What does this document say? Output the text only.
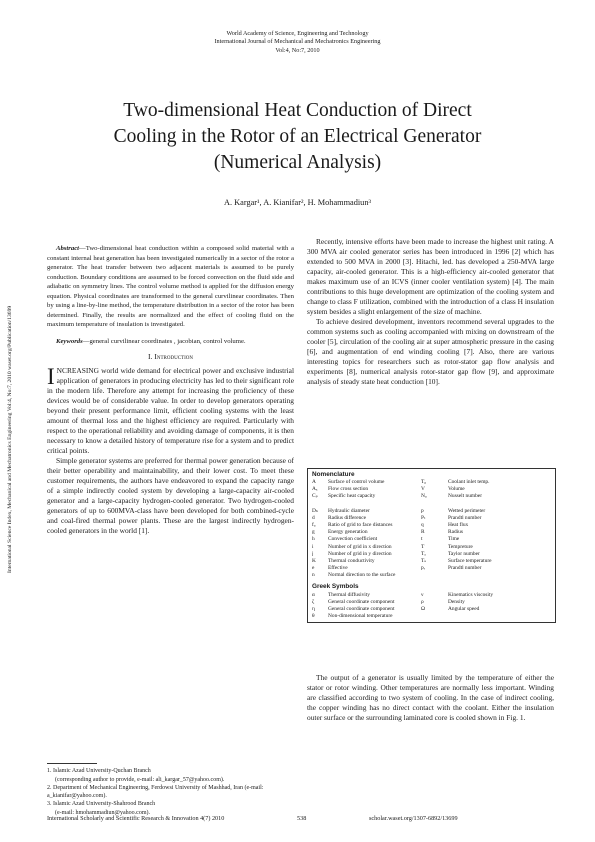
World Academy of Science, Engineering and Technology
International Journal of Mechanical and Mechatronics Engineering
Vol:4, No:7, 2010
Two-dimensional Heat Conduction of Direct
Cooling in the Rotor of an Electrical Generator
(Numerical Analysis)
A. Kargar¹, A. Kianifar², H. Mohammadiun³
International Science Index, Mechanical and Mechatronics Engineering Vol:4, No:7, 2010 waset.org/Publication/13699

Abstract—Two-dimensional heat conduction within a composed solid material with a constant internal heat generation has been investigated numerically in a sector of the rotor a generator. The heat transfer between two adjacent materials is assumed to be purely conduction. Boundary conditions are assumed to be forced convection on the fluid side and adiabatic on symmetry lines. The control volume method is applied for the diffusion energy equation. Physical coordinates are transformed to the general curvilinear coordinates. Then by using a line-by-line method, the temperature distribution in a sector of the rotor has been determined. Finally, the results are normalized and the effect of cooling fluid on the maximum temperature of insulation is investigated.

Keywords—general curvilinear coordinates , jacobian, control volume.

I. Introduction

INCREASING world wide demand for electrical power and exclusive industrial application of generators in producing electricity has led to their significant role in the modern life. Therefore any attempt for increasing the proficiency of these devices would be of considerable value. In order to develop generators operating beyond their present performance limit, efficient cooling systems with the least amount of thermal loss and the highest efficiency are required. Particularly with respect to the operational reliability and avoiding damage of components, it is then necessary to know a detailed history of temperature rise for a system and to predict critical points.

Simple generator systems are preferred for thermal power generation because of their better operability and maintainability, and their lower cost. To meet these customer requirements, the authors have endeavored to expand the capacity range of a simple indirectly cooled system by developing a large-capacity air-cooled generator and a large-capacity hydrogen-cooled generator. Two hydrogen-cooled generators of up to 600MVA-class have been developed for both combined-cycle and coal-fired thermal power plants. These are the largest indirectly hydrogen-cooled generators in the world [1].

1. Islamic Azad University-Quchan Branch
(corresponding author to provide, e-mail: ali_kargar_57@yahoo.com).
2. Department of Mechanical Engineering, Ferdowsi University of Mashhad, Iran (e-mail: a_kianifar@yahoo.com).
3. Islamic Azad University-Shahrood Branch
(e-mail: hmohammadiun@yahoo.com).

Recently, intensive efforts have been made to increase the highest unit rating. A 300 MVA air cooled generator series has been introduced in 1996 [2] which has extended to 500 MVA in 2000 [3]. Hitachi, led. has developed a 250-MVA large capacity, air-cooled generator. This is a high-efficiency air-cooled generator that makes maximum use of an ICVS (inner cooler ventilation system) [4]. The main contributions to this huge development are optimization of the cooling system and change to class F utilization, combined with the introduction of a class H insulation system besides a slight enlargement of the size of machine.

To achieve desired development, inventors recommend several upgrades to the common systems such as cooling accompanied with mixing on downstream of the cooler [5], circulation of the cooling air at super atmospheric pressure in the casing [6], and augmentation of end winding cooling [7]. Also, there are various interesting topics for researchers such as rotor-stator gap flow analysis and experiments [8], numerical analysis rotor-stator gap flow [9], and approximate analysis of steady state heat conduction [10].

Nomenclature
A	Surface of control volume	T₀	Coolant inlet temp.
Aₓ	Flow cross section	V	Volume
Cₚ	Specific heat capacity	Nᵤ	Nusselt number

Dₕ	Hydraulic diameter	p	Wetted perimeter
d	Radius difference	Pₜ	Prandtl number
fᵤ	Ratio of grid to face distances	q	Heat flux
g	Energy generation	R	Radius
h	Convection coefficient	t	Time
i	Number of grid in x direction	T	Tempreture
j	Number of grid in y direction	Tₐ	Taylor number
K	Thermal conductivity	Tₛ	Surface temperature
e	Effective	pᵣ	Prandtl number
n	Normal direction to the surface

Greek Symbols
α	Thermal diffusivity	ν	Kinematics viscosity
ζ	General coordinate component	ρ	Density
η	General coordinate component	Ω	Angular speed
θ	Non-dimensional temperature

The output of a generator is usually limited by the temperature of either the stator or rotor winding. Other temperatures are normally less important. Winding are classified according to two system of cooling. In the case of indirect cooling, the copper winding has no direct contact with the coolant. Either the insulation outer surface or the surrounding laminated core is cooled shown in Fig. 1.

International Scholarly and Scientific Research & Innovation 4(7) 2010	538	scholar.waset.org/1307-6892/13699
